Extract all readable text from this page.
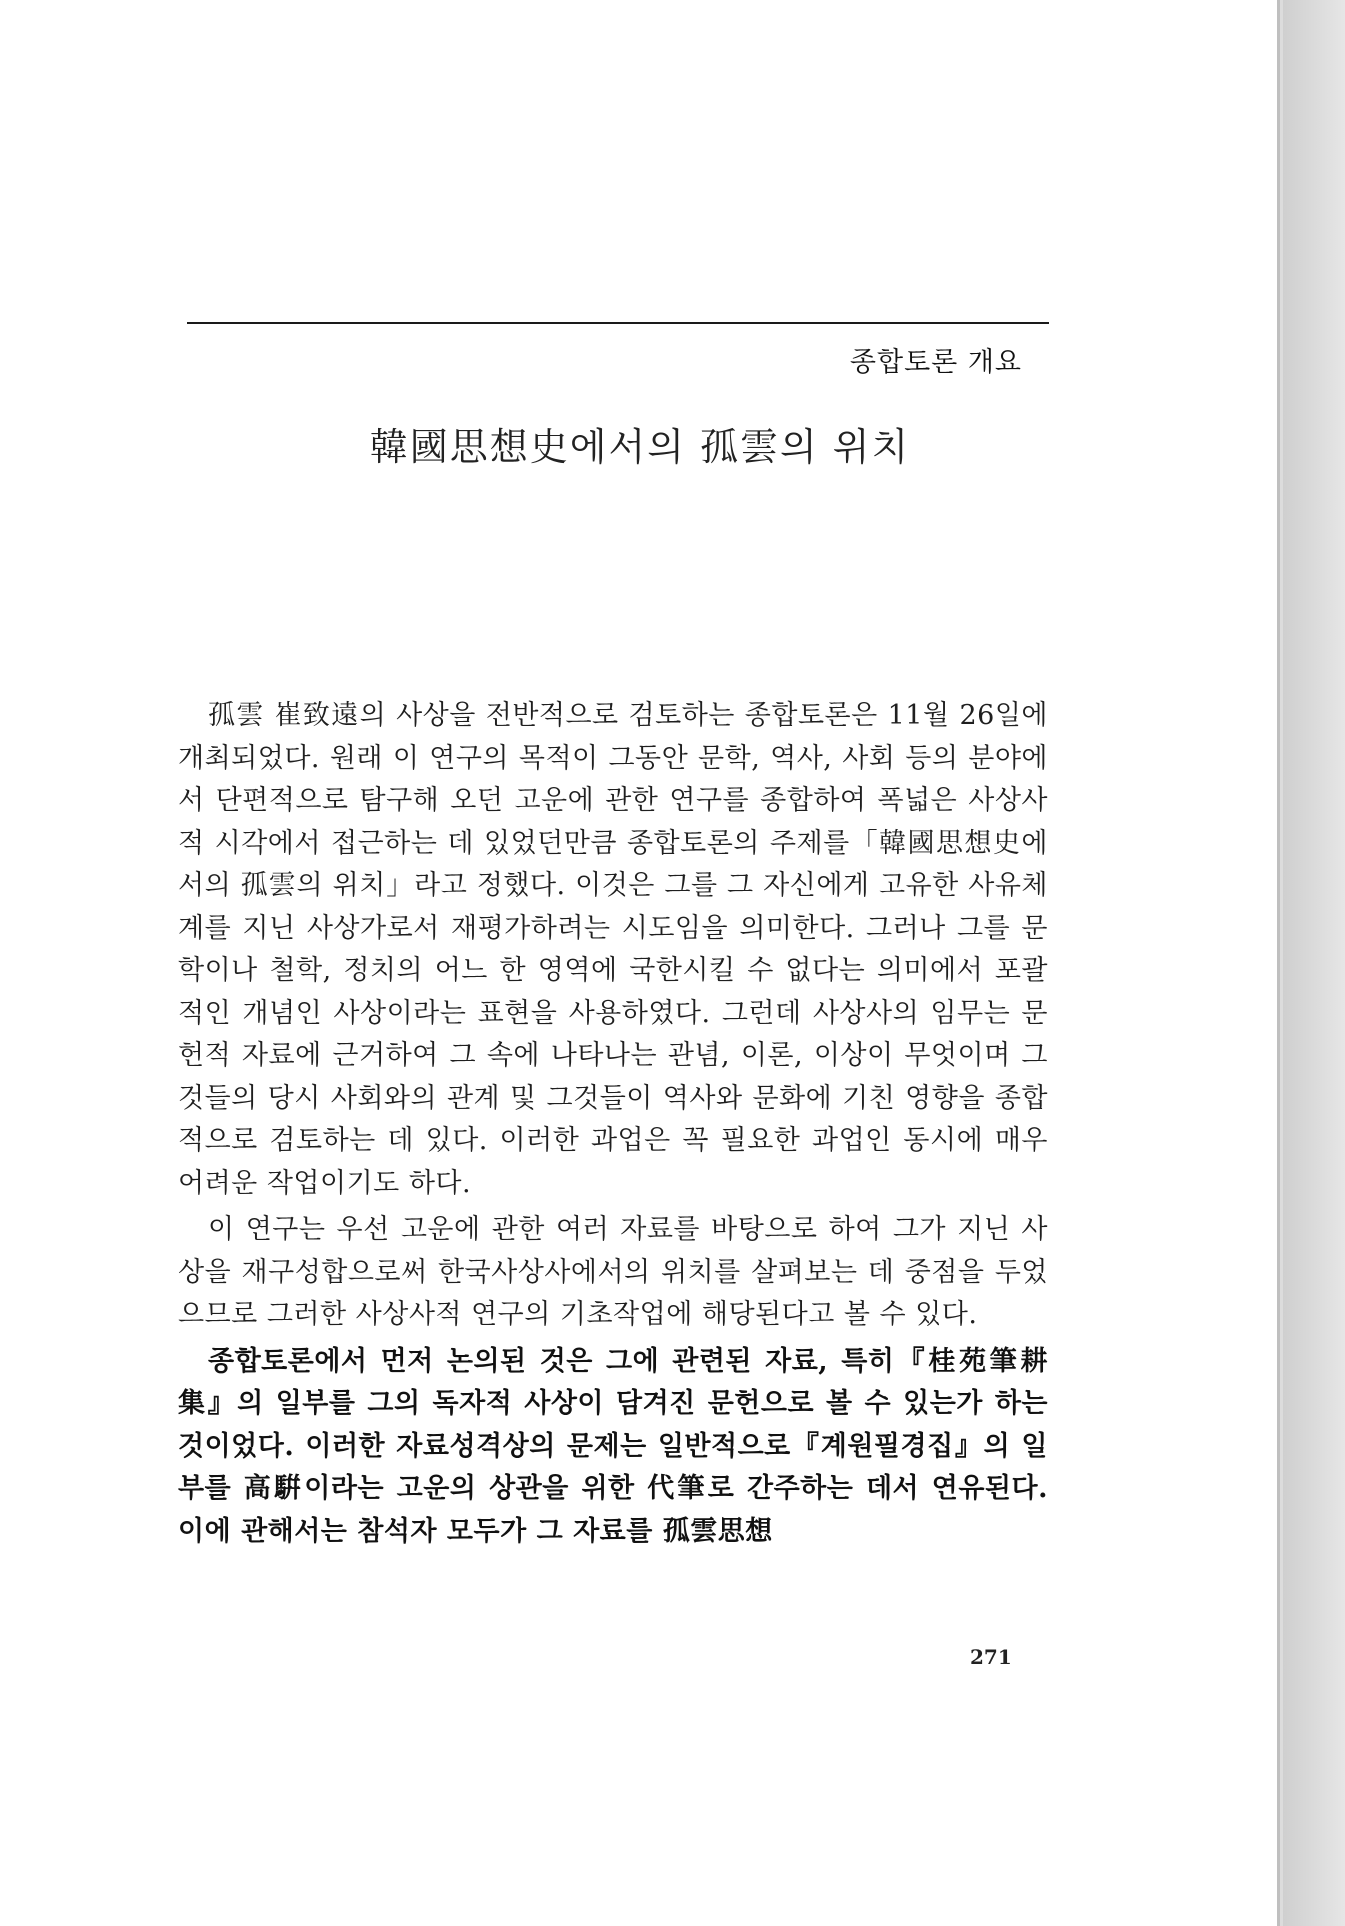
종합토론 개요
韓國思想史에서의 孤雲의 위치

孤雲 崔致遠의 사상을 전반적으로 검토하는 종합토론은 11월 26일에 개최되었다. 원래 이 연구의 목적이 그동안 문학, 역사, 사회 등의 분야에서 단편적으로 탐구해 오던 고운에 관한 연구를 종합하여 폭넓은 사상사적 시각에서 접근하는 데 있었던만큼 종합토론의 주제를「韓國思想史에서의 孤雲의 위치」라고 정했다. 이것은 그를 그 자신에게 고유한 사유체계를 지닌 사상가로서 재평가하려는 시도임을 의미한다. 그러나 그를 문학이나 철학, 정치의 어느 한 영역에 국한시킬 수 없다는 의미에서 포괄적인 개념인 사상이라는 표현을 사용하였다. 그런데 사상사의 임무는 문헌적 자료에 근거하여 그 속에 나타나는 관념, 이론, 이상이 무엇이며 그것들의 당시 사회와의 관계 및 그것들이 역사와 문화에 기친 영향을 종합적으로 검토하는 데 있다. 이러한 과업은 꼭 필요한 과업인 동시에 매우 어려운 작업이기도 하다.

이 연구는 우선 고운에 관한 여러 자료를 바탕으로 하여 그가 지닌 사상을 재구성합으로써 한국사상사에서의 위치를 살펴보는 데 중점을 두었으므로 그러한 사상사적 연구의 기초작업에 해당된다고 볼 수 있다.

종합토론에서 먼저 논의된 것은 그에 관련된 자료, 특히『桂苑筆耕集』의 일부를 그의 독자적 사상이 담겨진 문헌으로 볼 수 있는가 하는 것이었다. 이러한 자료성격상의 문제는 일반적으로『계원필경집』의 일부를 高騈이라는 고운의 상관을 위한 代筆로 간주하는 데서 연유된다. 이에 관해서는 참석자 모두가 그 자료를 孤雲思想

271
